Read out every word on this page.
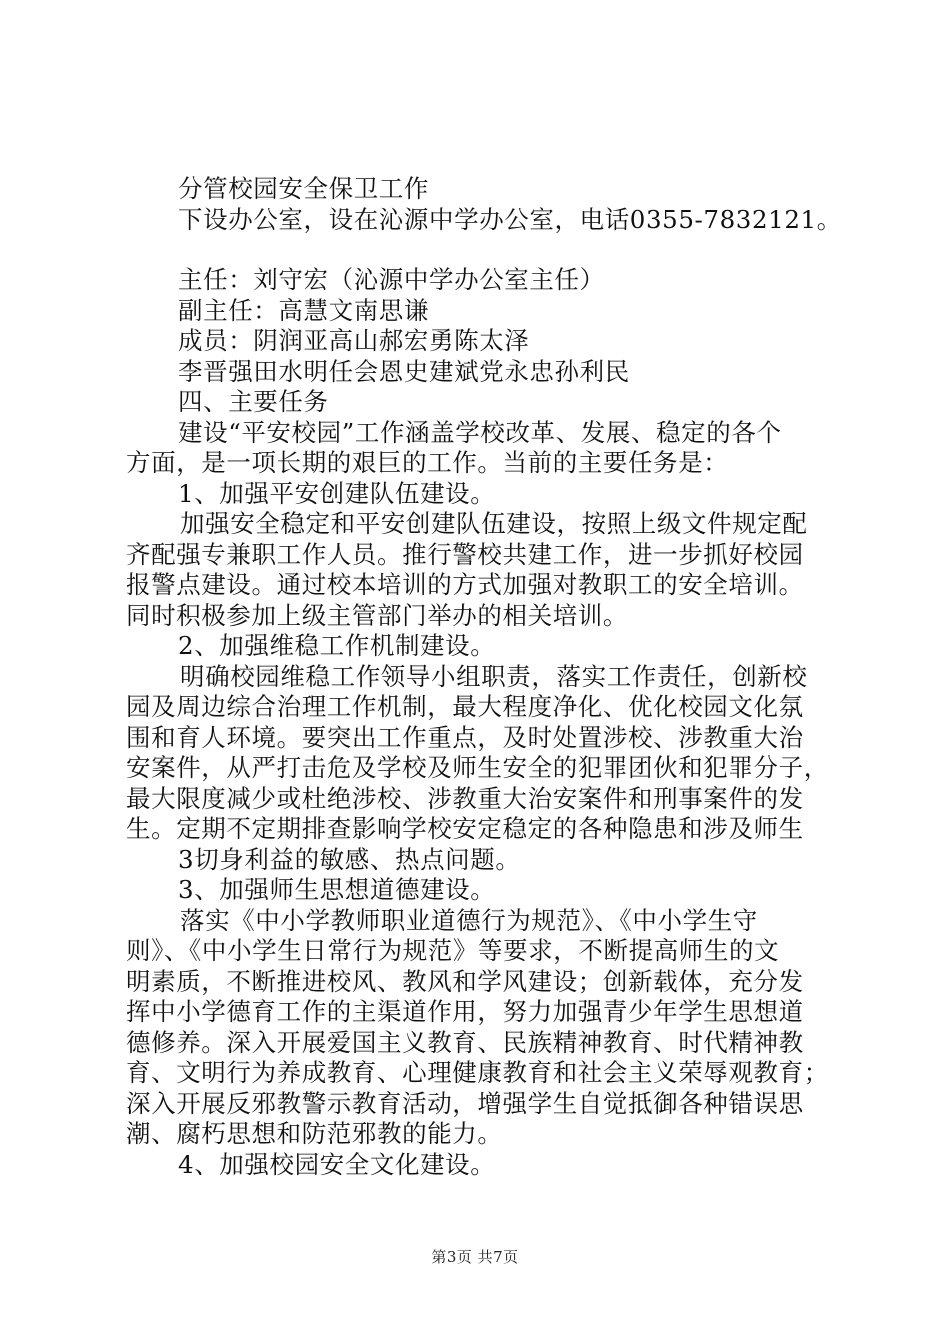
分管校园安全保卫工作
下设办公室，设在沁源中学办公室，电话0355-7832121。
主任：刘守宏（沁源中学办公室主任）
副主任：高慧文南思谦
成员：阴润亚高山郝宏勇陈太泽
李晋强田水明任会恩史建斌党永忠孙利民
四、主要任务
建设“平安校园”工作涵盖学校改革、发展、稳定的各个
方面，是一项长期的艰巨的工作。当前的主要任务是：
1、加强平安创建队伍建设。
加强安全稳定和平安创建队伍建设，按照上级文件规定配
齐配强专兼职工作人员。推行警校共建工作，进一步抓好校园
报警点建设。通过校本培训的方式加强对教职工的安全培训。
同时积极参加上级主管部门举办的相关培训。
2、加强维稳工作机制建设。
明确校园维稳工作领导小组职责，落实工作责任，创新校
园及周边综合治理工作机制，最大程度净化、优化校园文化氛
围和育人环境。要突出工作重点，及时处置涉校、涉教重大治
安案件，从严打击危及学校及师生安全的犯罪团伙和犯罪分子，
最大限度减少或杜绝涉校、涉教重大治安案件和刑事案件的发
生。定期不定期排查影响学校安定稳定的各种隐患和涉及师生
3切身利益的敏感、热点问题。
3、加强师生思想道德建设。
落实《中小学教师职业道德行为规范》、《中小学生守
则》、《中小学生日常行为规范》等要求，不断提高师生的文
明素质，不断推进校风、教风和学风建设；创新载体，充分发
挥中小学德育工作的主渠道作用，努力加强青少年学生思想道
德修养。深入开展爱国主义教育、民族精神教育、时代精神教
育、文明行为养成教育、心理健康教育和社会主义荣辱观教育；
深入开展反邪教警示教育活动，增强学生自觉抵御各种错误思
潮、腐朽思想和防范邪教的能力。
4、加强校园安全文化建设。
第3页 共7页
